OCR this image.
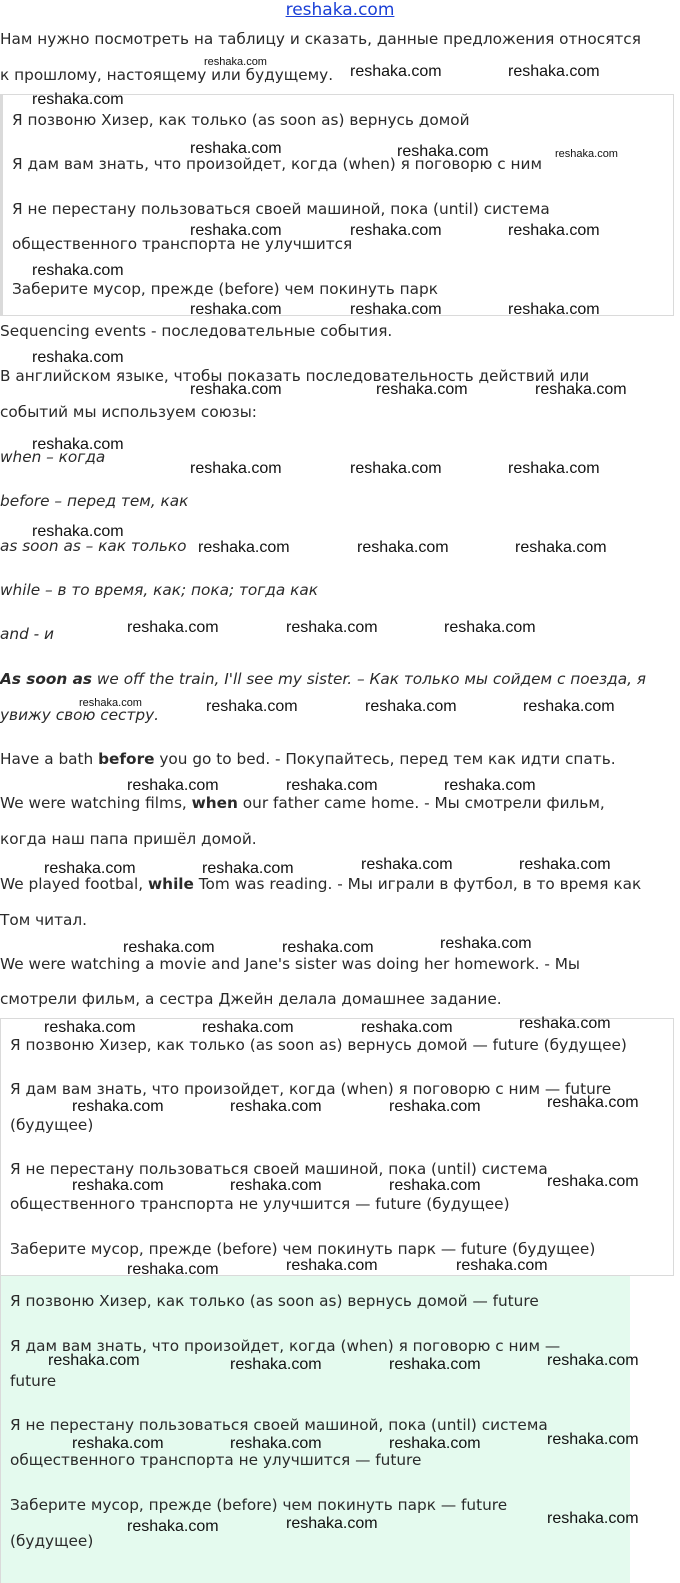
reshaka.com
Нам нужно посмотреть на таблицу и сказать, данные предложения относятся
к прошлому, настоящему или будущему.
Я позвоню Хизер, как только (as soon as) вернусь домой
Я дам вам знать, что произойдет, когда (when) я поговорю с ним
Я не перестану пользоваться своей машиной, пока (until) система
общественного транспорта не улучшится
Заберите мусор, прежде (before) чем покинуть парк
Sequencing events - последовательные события.
В английском языке, чтобы показать последовательность действий или
событий мы используем союзы:
when – когда
before – перед тем, как
as soon as – как только
while – в то время, как; пока; тогда как
and - и
As soon as we off the train, I'll see my sister. – Как только мы сойдем с поезда, я
увижу свою сестру.
Have a bath before you go to bed. - Покупайтесь, перед тем как идти спать.
We were watching films, when our father came home. - Мы смотрели фильм,
когда наш папа пришёл домой.
We played footbal, while Tom was reading. - Мы играли в футбол, в то время как
Том читал.
We were watching a movie and Jane's sister was doing her homework. - Мы
смотрели фильм, а сестра Джейн делала домашнее задание.
Я позвоню Хизер, как только (as soon as) вернусь домой — future (будущее)
Я дам вам знать, что произойдет, когда (when) я поговорю с ним — future
(будущее)
Я не перестану пользоваться своей машиной, пока (until) система
общественного транспорта не улучшится — future (будущее)
Заберите мусор, прежде (before) чем покинуть парк — future (будущее)
Я позвоню Хизер, как только (as soon as) вернусь домой — future
Я дам вам знать, что произойдет, когда (when) я поговорю с ним —
future
Я не перестану пользоваться своей машиной, пока (until) система
общественного транспорта не улучшится — future
Заберите мусор, прежде (before) чем покинуть парк — future
(будущее)
reshaka.com
reshaka.com	reshaka.com
reshaka.com
reshaka.com	reshaka.com	reshaka.com
reshaka.com	reshaka.com	reshaka.com
reshaka.com
reshaka.com	reshaka.com	reshaka.com
reshaka.com
reshaka.com	reshaka.com	reshaka.com
reshaka.com
reshaka.com	reshaka.com	reshaka.com
reshaka.com
reshaka.com	reshaka.com	reshaka.com
reshaka.com	reshaka.com	reshaka.com
reshaka.com	reshaka.com	reshaka.com	reshaka.com
reshaka.com	reshaka.com	reshaka.com
reshaka.com	reshaka.com	reshaka.com	reshaka.com
reshaka.com	reshaka.com	reshaka.com
reshaka.com	reshaka.com	reshaka.com	reshaka.com
reshaka.com	reshaka.com	reshaka.com	reshaka.com
reshaka.com	reshaka.com	reshaka.com	reshaka.com
reshaka.com	reshaka.com	reshaka.com
reshaka.com	reshaka.com	reshaka.com	reshaka.com
reshaka.com	reshaka.com	reshaka.com	reshaka.com
reshaka.com	reshaka.com	reshaka.com
